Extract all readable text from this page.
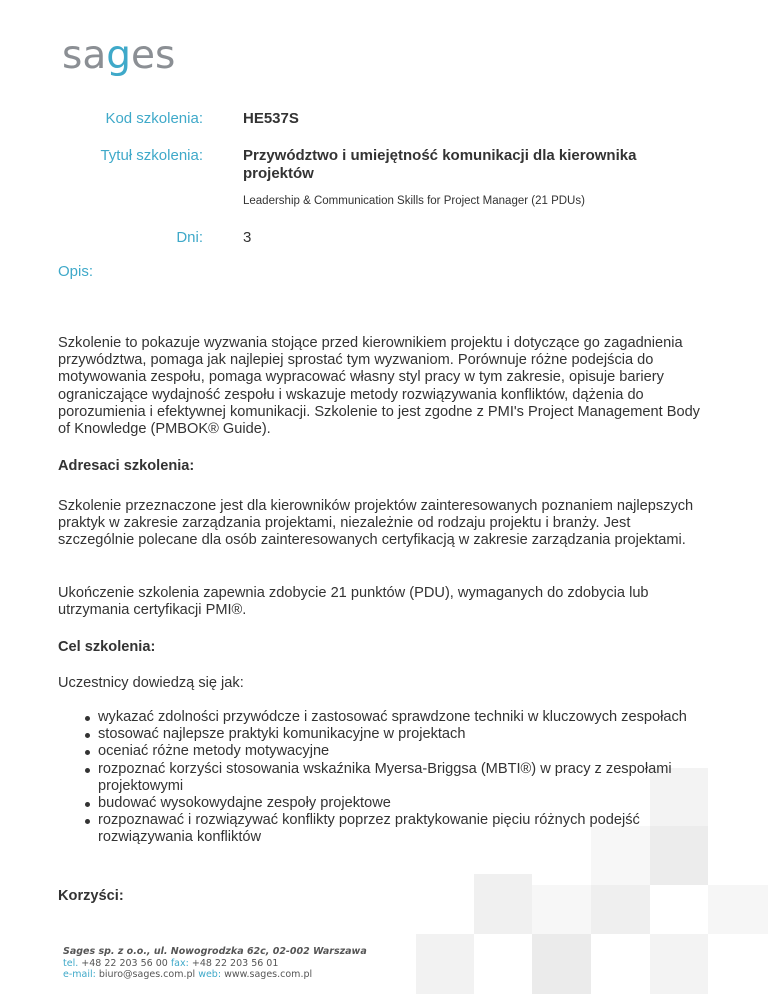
sages
Kod szkolenia:	HE537S
Tytuł szkolenia:	Przywództwo i umiejętność komunikacji dla kierownika projektów
Leadership & Communication Skills for Project Manager (21 PDUs)
Dni:	3
Opis:
Szkolenie to pokazuje wyzwania stojące przed kierownikiem projektu i dotyczące go zagadnienia przywództwa, pomaga jak najlepiej sprostać tym wyzwaniom. Porównuje różne podejścia do motywowania zespołu, pomaga wypracować własny styl pracy w tym zakresie, opisuje bariery ograniczające wydajność zespołu i wskazuje metody rozwiązywania konfliktów, dążenia do porozumienia i efektywnej komunikacji. Szkolenie to jest zgodne z PMI's Project Management Body of Knowledge (PMBOK® Guide).
Adresaci szkolenia:
Szkolenie przeznaczone jest dla kierowników projektów zainteresowanych poznaniem najlepszych praktyk w zakresie zarządzania projektami, niezależnie od rodzaju projektu i branży. Jest szczególnie polecane dla osób zainteresowanych certyfikacją w zakresie zarządzania projektami.
Ukończenie szkolenia zapewnia zdobycie 21 punktów (PDU), wymaganych do zdobycia lub utrzymania certyfikacji PMI®.
Cel szkolenia:
Uczestnicy dowiedzą się jak:
wykazać zdolności przywódcze i zastosować sprawdzone techniki w kluczowych zespołach
stosować najlepsze praktyki komunikacyjne w projektach
oceniać różne metody motywacyjne
rozpoznać korzyści stosowania wskaźnika Myersa-Briggsa (MBTI®) w pracy z zespołami projektowymi
budować wysokowydajne zespoły projektowe
rozpoznawać i rozwiązywać konflikty poprzez praktykowanie pięciu różnych podejść rozwiązywania konfliktów
Korzyści:
Sages sp. z o.o., ul. Nowogrodzka 62c, 02-002 Warszawa
tel. +48 22 203 56 00 fax: +48 22 203 56 01
e-mail: biuro@sages.com.pl web: www.sages.com.pl
